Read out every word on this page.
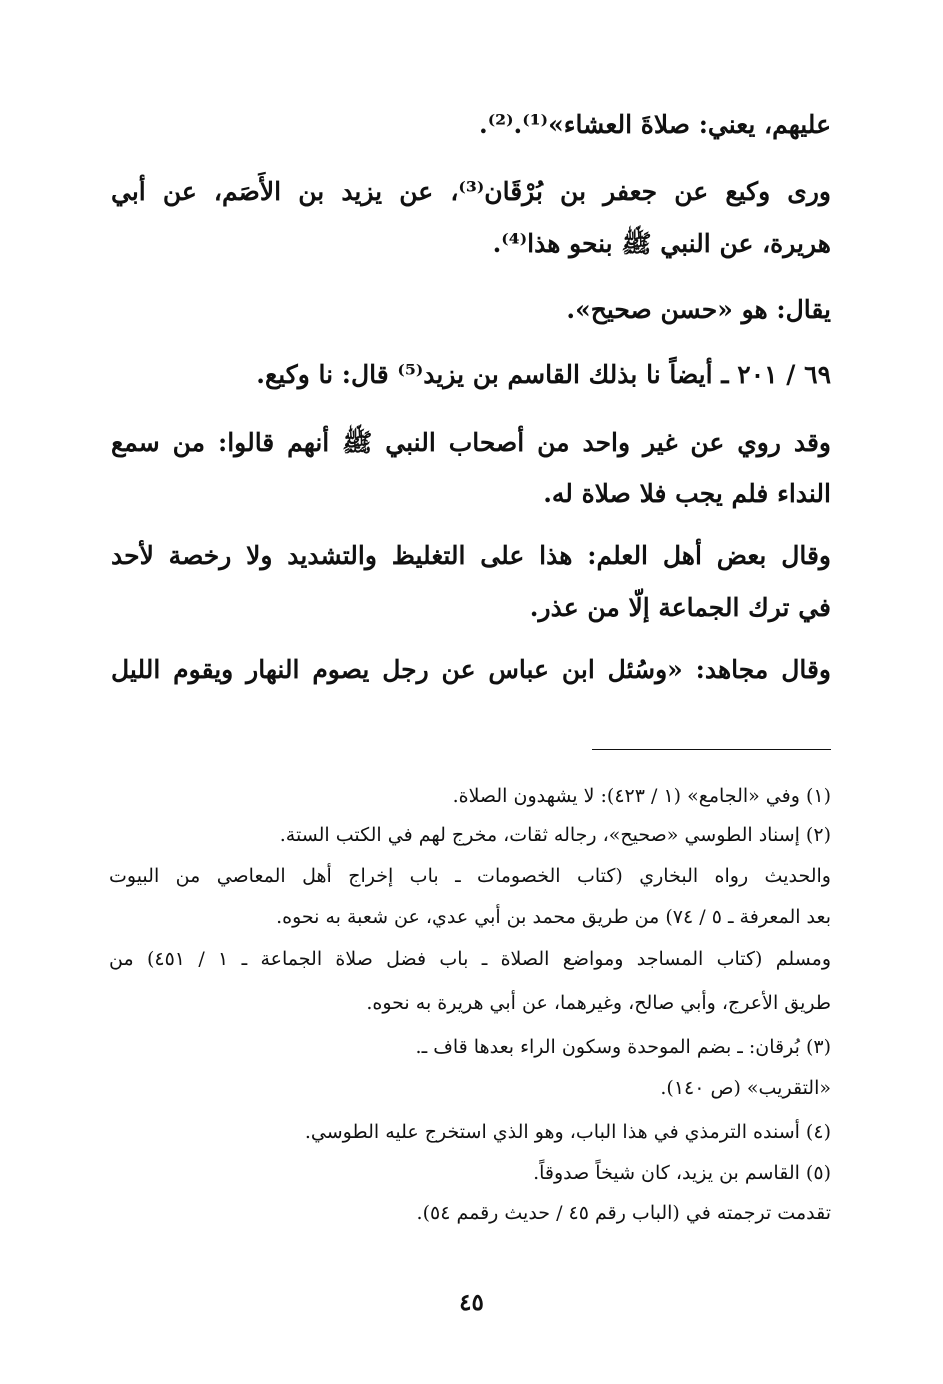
عليهم، يعني: صلاةَ العشاء»⁽¹⁾.⁽²⁾.
ورى وكيع عن جعفر بن بُرْقَان⁽³⁾، عن يزيد بن الأَصَم، عن أبي
هريرة، عن النبي ﷺ بنحو هذا⁽⁴⁾.
يقال: هو «حسن صحيح».
٦٩ / ٢٠١ ـ أيضاً نا بذلك القاسم بن يزيد⁽⁵⁾ قال: نا وكيع.
وقد روي عن غير واحد من أصحاب النبي ﷺ أنهم قالوا: من سمع
النداء فلم يجب فلا صلاة له.
وقال بعض أهل العلم: هذا على التغليظ والتشديد ولا رخصة لأحد
في ترك الجماعة إلّا من عذر.
وقال مجاهد: «وسُئل ابن عباس عن رجل يصوم النهار ويقوم الليل
(١) وفي «الجامع» (١ / ٤٢٣): لا يشهدون الصلاة.
(٢) إسناد الطوسي «صحيح»، رجاله ثقات، مخرج لهم في الكتب الستة.
والحديث رواه البخاري (كتاب الخصومات ـ باب إخراج أهل المعاصي من البيوت
بعد المعرفة ـ ٥ / ٧٤) من طريق محمد بن أبي عدي، عن شعبة به نحوه.
ومسلم (كتاب المساجد ومواضع الصلاة ـ باب فضل صلاة الجماعة ـ ١ / ٤٥١) من
طريق الأعرج، وأبي صالح، وغيرهما، عن أبي هريرة به نحوه.
(٣) بُرقان: ـ بضم الموحدة وسكون الراء بعدها قاف ـ.
«التقريب» (ص ١٤٠).
(٤) أسنده الترمذي في هذا الباب، وهو الذي استخرج عليه الطوسي.
(٥) القاسم بن يزيد، كان شيخاً صدوقاً.
تقدمت ترجمته في (الباب رقم ٤٥ / حديث رقمم ٥٤).
٤٥
